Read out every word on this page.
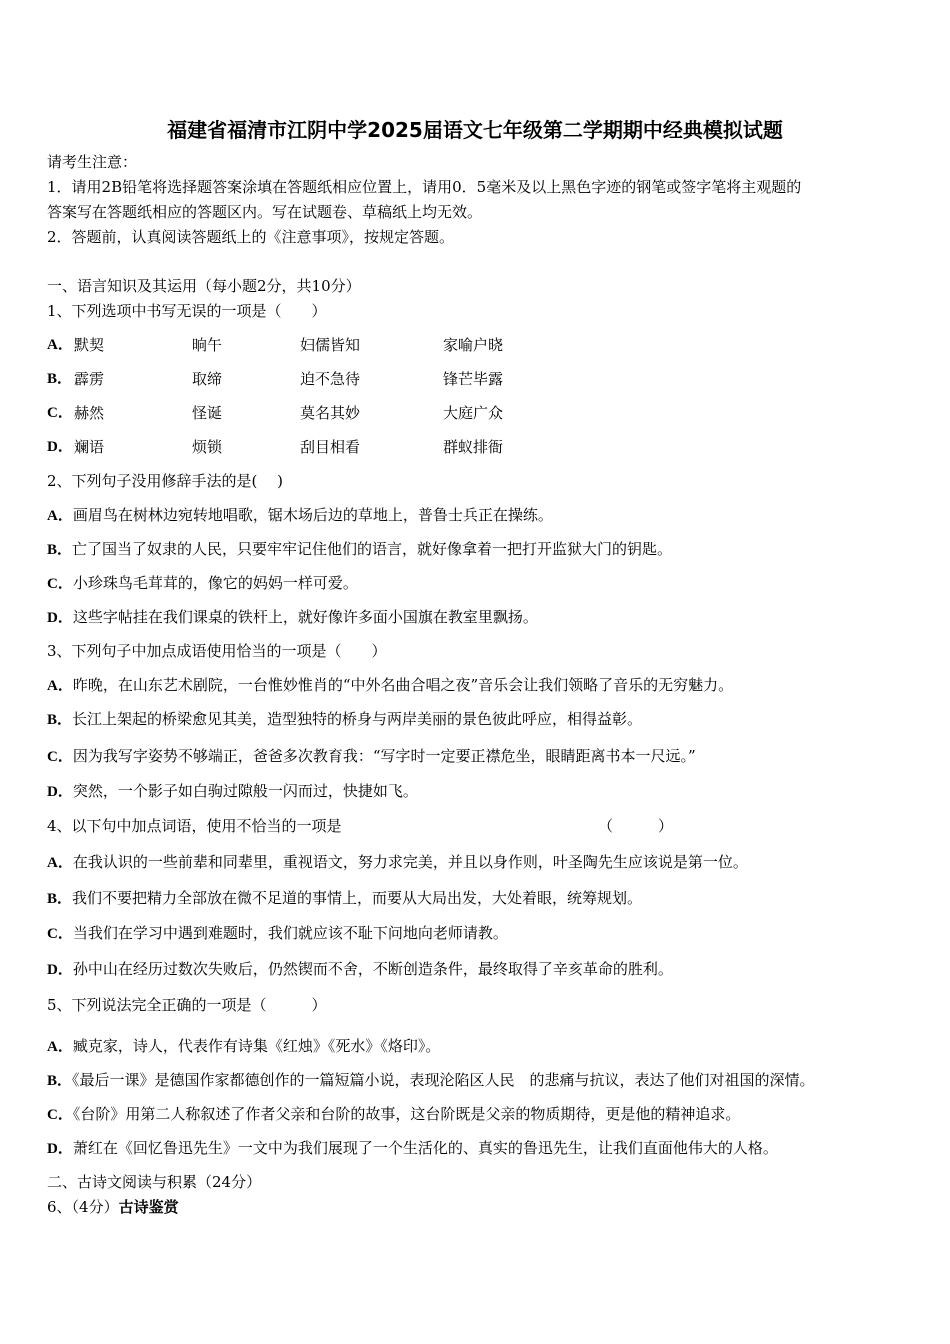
福建省福清市江阴中学2025届语文七年级第二学期期中经典模拟试题
请考生注意：
1．请用2B铅笔将选择题答案涂填在答题纸相应位置上，请用0．5毫米及以上黑色字迹的钢笔或签字笔将主观题的
答案写在答题纸相应的答题区内。写在试题卷、草稿纸上均无效。
2．答题前，认真阅读答题纸上的《注意事项》，按规定答题。
一、语言知识及其运用（每小题2分，共10分）
1、下列选项中书写无误的一项是（　　）
A． 默契	晌午	妇儒皆知	家喻户晓
B． 霹雳	取缔	迫不急待	锋芒毕露
C． 赫然	怪诞	莫名其妙	大庭广众
D． 斓语	烦锁	刮目相看	群蚁排衙
2、下列句子没用修辞手法的是(　 )
A．画眉鸟在树林边宛转地唱歌，锯木场后边的草地上，普鲁士兵正在操练。
B．亡了国当了奴隶的人民，只要牢牢记住他们的语言，就好像拿着一把打开监狱大门的钥匙。
C．小珍珠鸟毛茸茸的，像它的妈妈一样可爱。
D．这些字帖挂在我们课桌的铁杆上，就好像许多面小国旗在教室里飘扬。
3、下列句子中加点成语使用恰当的一项是（　　）
A．昨晚，在山东艺术剧院，一台惟妙惟肖的“中外名曲合唱之夜”音乐会让我们领略了音乐的无穷魅力。
B．长江上架起的桥梁愈见其美，造型独特的桥身与两岸美丽的景色彼此呼应，相得益彰。
C．因为我写字姿势不够端正，爸爸多次教育我：“写字时一定要正襟危坐，眼睛距离书本一尺远。”
D．突然，一个影子如白驹过隙般一闪而过，快捷如飞。
4、以下句中加点词语，使用不恰当的一项是	（　　　）
A．在我认识的一些前辈和同辈里，重视语文，努力求完美，并且以身作则，叶圣陶先生应该说是第一位。
B．我们不要把精力全部放在微不足道的事情上，而要从大局出发，大处着眼，统筹规划。
C．当我们在学习中遇到难题时，我们就应该不耻下问地向老师请教。
D．孙中山在经历过数次失败后，仍然锲而不舍，不断创造条件，最终取得了辛亥革命的胜利。
5、下列说法完全正确的一项是（　　　）
A．臧克家，诗人，代表作有诗集《红烛》《死水》《烙印》。
B．《最后一课》是德国作家都德创作的一篇短篇小说，表现沦陷区人民　的悲痛与抗议，表达了他们对祖国的深情。
C．《台阶》用第二人称叙述了作者父亲和台阶的故事，这台阶既是父亲的物质期待，更是他的精神追求。
D．萧红在《回忆鲁迅先生》一文中为我们展现了一个生活化的、真实的鲁迅先生，让我们直面他伟大的人格。
二、古诗文阅读与积累（24分）
6、（4分）古诗鉴赏
